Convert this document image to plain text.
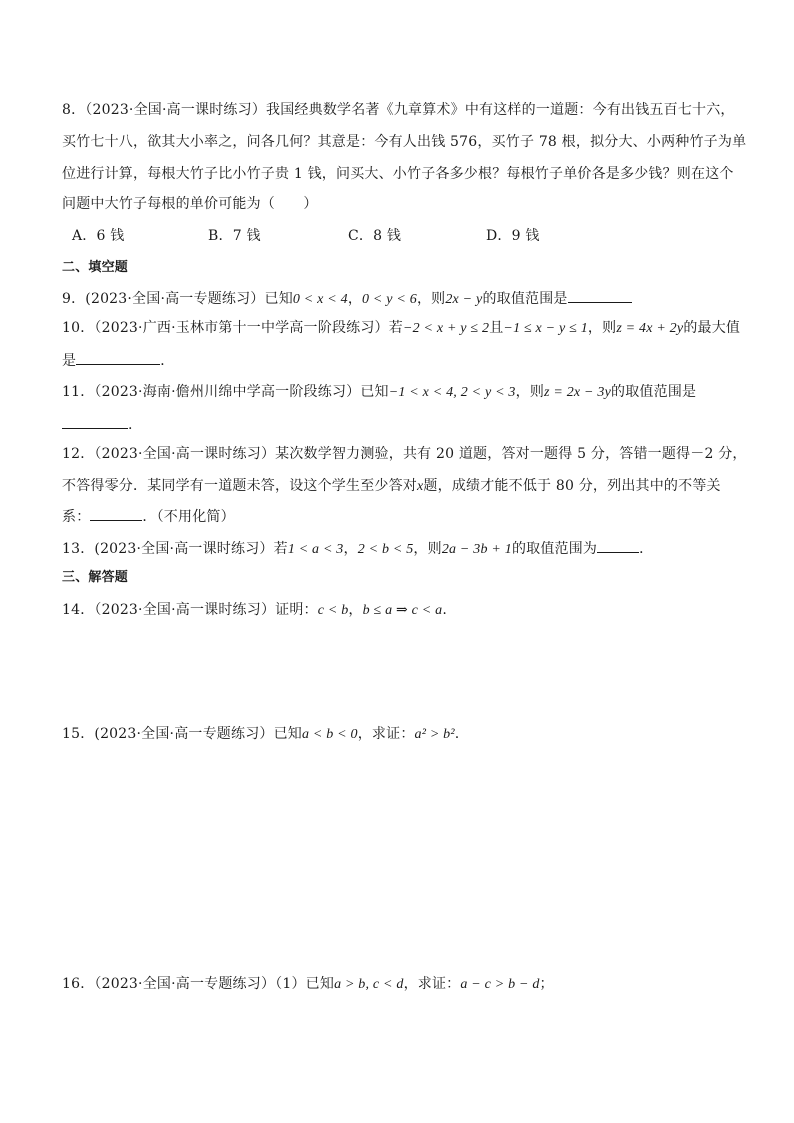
8．（2023·全国·高一课时练习）我国经典数学名著《九章算术》中有这样的一道题：今有出钱五百七十六，
买竹七十八，欲其大小率之，问各几何？其意是：今有人出钱 576，买竹子 78 根，拟分大、小两种竹子为单
位进行计算，每根大竹子比小竹子贵 1 钱，问买大、小竹子各多少根？每根竹子单价各是多少钱？则在这个
问题中大竹子每根的单价可能为（　　）
A．6 钱	B．7 钱	C．8 钱	D．9 钱
二、填空题
9．(2023·全国·高一专题练习）已知0 < x < 4，0 < y < 6，则2x − y的取值范围是
10．（2023·广西·玉林市第十一中学高一阶段练习）若−2 < x + y ≤ 2且−1 ≤ x − y ≤ 1，则z = 4x + 2y的最大值
是	．
11．（2023·海南·儋州川绵中学高一阶段练习）已知−1 < x < 4, 2 < y < 3，则z = 2x − 3y的取值范围是
.
12．（2023·全国·高一课时练习）某次数学智力测验，共有 20 道题，答对一题得 5 分，答错一题得－2 分，
不答得零分．某同学有一道题未答，设这个学生至少答对x题，成绩才能不低于 80 分，列出其中的不等关
系：	．（不用化简）
13．(2023·全国·高一课时练习）若1 < a < 3，2 < b < 5，则2a − 3b + 1的取值范围为	．
三、解答题
14．（2023·全国·高一课时练习）证明：c < b，b ≤ a ⇒ c < a.
15．(2023·全国·高一专题练习）已知a < b < 0，求证：a² > b².
16．（2023·全国·高一专题练习）（1）已知a > b, c < d，求证：a − c > b − d；
